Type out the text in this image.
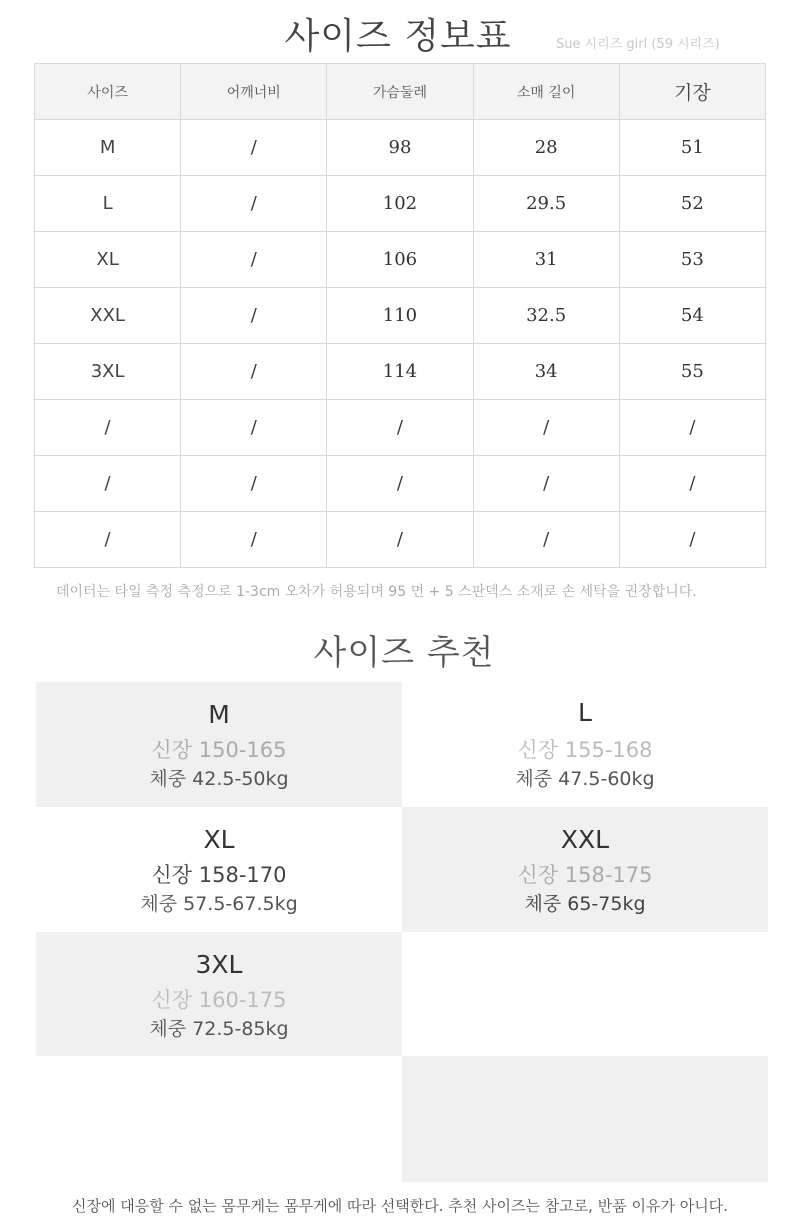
사이즈 정보표	Sue 시리즈 girl (59 시리즈)
사이즈	어깨너비	가슴둘레	소매 길이	기장
M	/	98	28	51
L	/	102	29.5	52
XL	/	106	31	53
XXL	/	110	32.5	54
3XL	/	114	34	55
/	/	/	/	/
/	/	/	/	/
/	/	/	/	/
데이터는 타일 측정 측정으로 1-3cm 오차가 허용되며 95 면 + 5 스판덱스 소재로 손 세탁을 권장합니다.
사이즈 추천
M
신장 150-165
체중 42.5-50kg
L
신장 155-168
체중 47.5-60kg
XL
신장 158-170
체중 57.5-67.5kg
XXL
신장 158-175
체중 65-75kg
3XL
신장 160-175
체중 72.5-85kg
신장에 대응할 수 없는 몸무게는 몸무게에 따라 선택한다. 추천 사이즈는 참고로, 반품 이유가 아니다.
